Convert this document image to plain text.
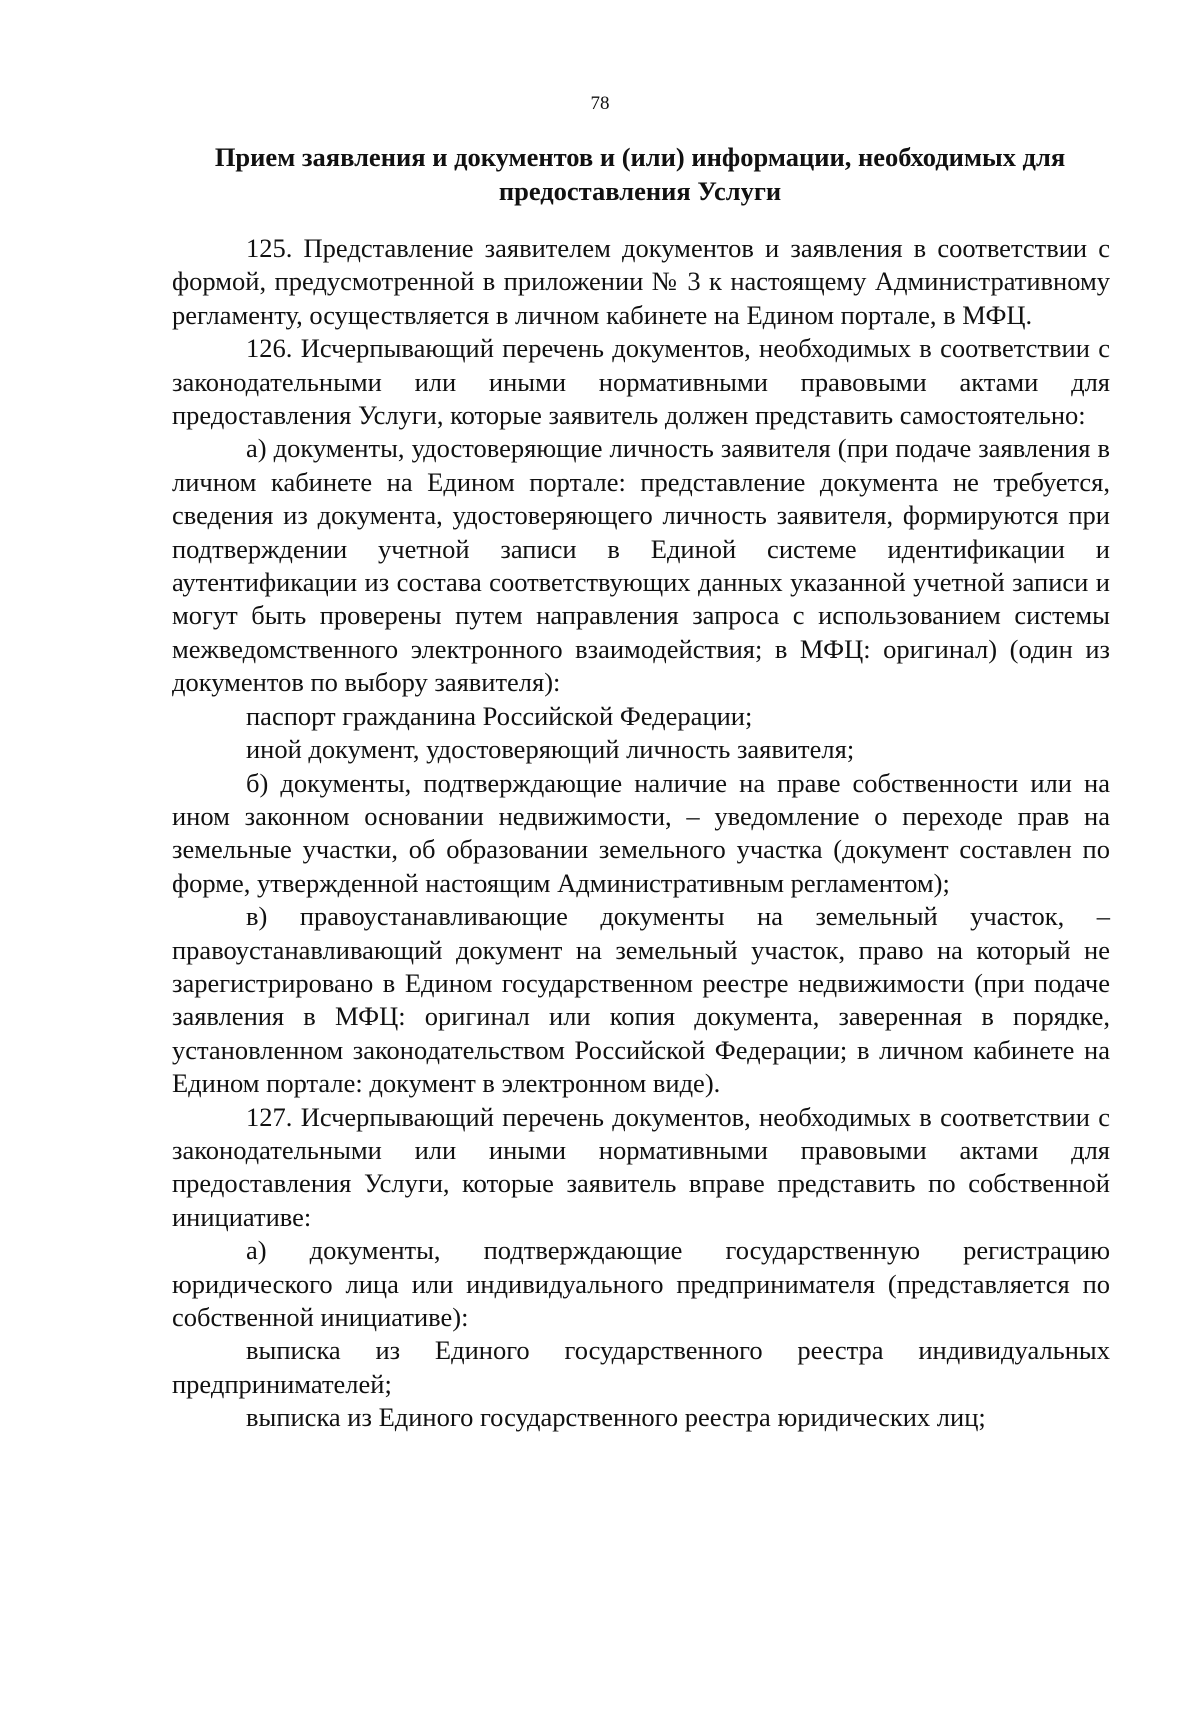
78
Прием заявления и документов и (или) информации, необходимых для
предоставления Услуги

125. Представление заявителем документов и заявления в соответствии с формой, предусмотренной в приложении № 3 к настоящему Административному регламенту, осуществляется в личном кабинете на Едином портале, в МФЦ.

126. Исчерпывающий перечень документов, необходимых в соответствии с законодательными или иными нормативными правовыми актами для предоставления Услуги, которые заявитель должен представить самостоятельно:

а) документы, удостоверяющие личность заявителя (при подаче заявления в личном кабинете на Едином портале: представление документа не требуется, сведения из документа, удостоверяющего личность заявителя, формируются при подтверждении учетной записи в Единой системе идентификации и аутентификации из состава соответствующих данных указанной учетной записи и могут быть проверены путем направления запроса с использованием системы межведомственного электронного взаимодействия; в МФЦ: оригинал) (один из документов по выбору заявителя):

паспорт гражданина Российской Федерации;

иной документ, удостоверяющий личность заявителя;

б) документы, подтверждающие наличие на праве собственности или на ином законном основании недвижимости, – уведомление о переходе прав на земельные участки, об образовании земельного участка (документ составлен по форме, утвержденной настоящим Административным регламентом);

в) правоустанавливающие документы на земельный участок, – правоустанавливающий документ на земельный участок, право на который не зарегистрировано в Едином государственном реестре недвижимости (при подаче заявления в МФЦ: оригинал или копия документа, заверенная в порядке, установленном законодательством Российской Федерации; в личном кабинете на Едином портале: документ в электронном виде).

127. Исчерпывающий перечень документов, необходимых в соответствии с законодательными или иными нормативными правовыми актами для предоставления Услуги, которые заявитель вправе представить по собственной инициативе:

а) документы, подтверждающие государственную регистрацию юридического лица или индивидуального предпринимателя (представляется по собственной инициативе):

выписка из Единого государственного реестра индивидуальных предпринимателей;

выписка из Единого государственного реестра юридических лиц;
